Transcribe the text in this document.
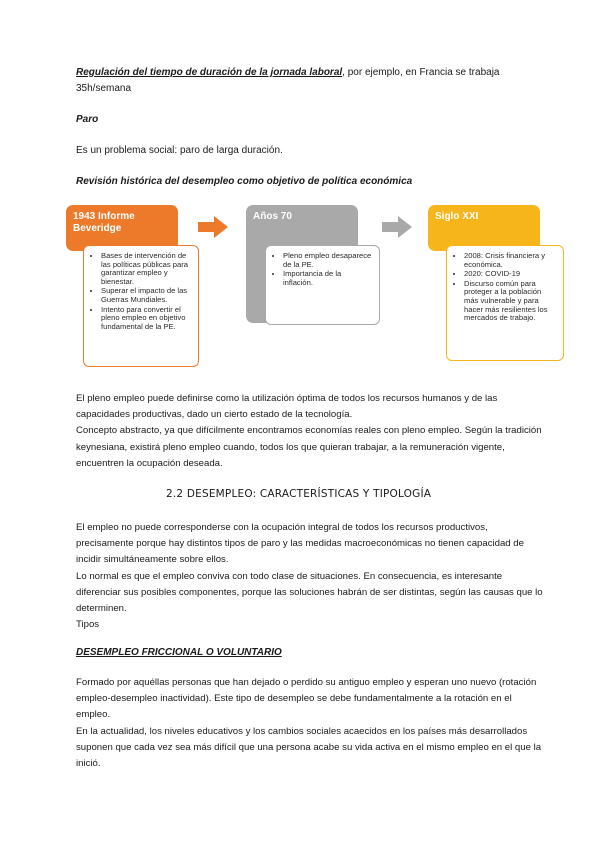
Regulación del tiempo de duración de la jornada laboral, por ejemplo, en Francia se trabaja
35h/semana
Paro
Es un problema social: paro de larga duración.
Revisión histórica del desempleo como objetivo de política económica
1943 Informe Beveridge
• Bases de intervención de las políticas públicas para garantizar empleo y bienestar.
• Superar el impacto de las Guerras Mundiales.
• Intento para convertir el pleno empleo en objetivo fundamental de la PE.
Años 70
• Pleno empleo desaparece de la PE.
• Importancia de la inflación.
Siglo XXI
• 2008: Crisis financiera y económica.
• 2020: COVID-19
• Discurso común para proteger a la población más vulnerable y para hacer más resilientes los mercados de trabajo.

El pleno empleo puede definirse como la utilización óptima de todos los recursos humanos y de las capacidades productivas, dado un cierto estado de la tecnología.

Concepto abstracto, ya que difícilmente encontramos economías reales con pleno empleo. Según la tradición keynesiana, existirá pleno empleo cuando, todos los que quieran trabajar, a la remuneración vigente, encuentren la ocupación deseada.

2.2 DESEMPLEO: CARACTERÍSTICAS Y TIPOLOGÍA

El empleo no puede corresponderse con la ocupación integral de todos los recursos productivos, precisamente porque hay distintos tipos de paro y las medidas macroeconómicas no tienen capacidad de incidir simultáneamente sobre ellos.

Lo normal es que el empleo conviva con todo clase de situaciones. En consecuencia, es interesante diferenciar sus posibles componentes, porque las soluciones habrán de ser distintas, según las causas que lo determinen.

Tipos

DESEMPLEO FRICCIONAL O VOLUNTARIO

Formado por aquéllas personas que han dejado o perdido su antiguo empleo y esperan uno nuevo (rotación empleo-desempleo inactividad). Este tipo de desempleo se debe fundamentalmente a la rotación en el empleo.

En la actualidad, los niveles educativos y los cambios sociales acaecidos en los países más desarrollados suponen que cada vez sea más difícil que una persona acabe su vida activa en el mismo empleo en el que la inició.
